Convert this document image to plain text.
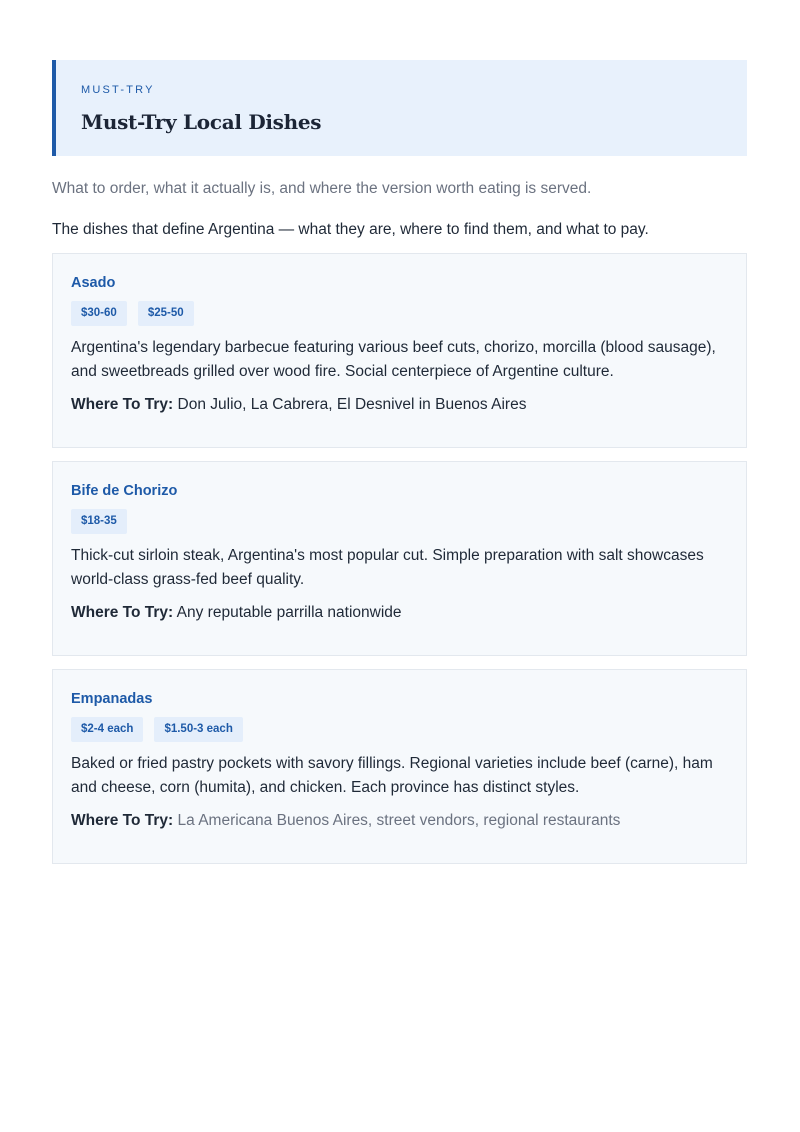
MUST-TRY
Must-Try Local Dishes

What to order, what it actually is, and where the version worth eating is served.

The dishes that define Argentina — what they are, where to find them, and what to pay.

Asado
$30-60	$25-50

Argentina's legendary barbecue featuring various beef cuts, chorizo, morcilla (blood sausage), and sweetbreads grilled over wood fire. Social centerpiece of Argentine culture.

Where To Try: Don Julio, La Cabrera, El Desnivel in Buenos Aires

Bife de Chorizo
$18-35

Thick-cut sirloin steak, Argentina's most popular cut. Simple preparation with salt showcases world-class grass-fed beef quality.

Where To Try: Any reputable parrilla nationwide

Empanadas
$2-4 each	$1.50-3 each

Baked or fried pastry pockets with savory fillings. Regional varieties include beef (carne), ham and cheese, corn (humita), and chicken. Each province has distinct styles.

Where To Try: La Americana Buenos Aires, street vendors, regional restaurants
